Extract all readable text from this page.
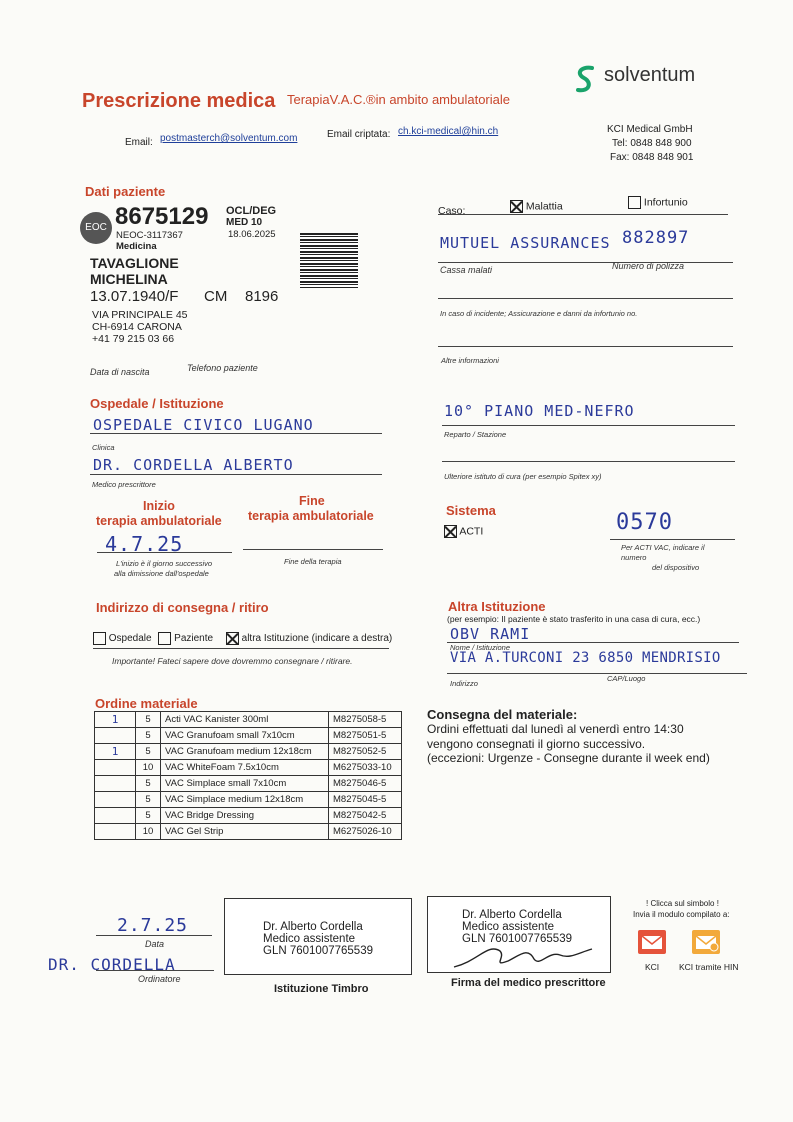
Prescrizione medica TerapiaV.A.C.®in ambito ambulatoriale
solventum
Email: postmasterch@solventum.com	Email criptata: ch.kci-medical@hin.ch	KCI Medical GmbH
Tel: 0848 848 900
Fax: 0848 848 901
Dati paziente
EOC 8675129 OCL/DEG
MED 10
NEOC-3117367	18.06.2025
Medicina
TAVAGLIONE
MICHELINA
13.07.1940/F CM 8196
VIA PRINCIPALE 45
CH-6914 CARONA
+41 79 215 03 66
Data di nascita	Telefono paziente
Caso:	Malattia	Infortunio
MUTUEL ASSURANCES 882897
Cassa malati	Numero di polizza
In caso di incidente; Assicurazione e danni da infortunio no.
Altre informazioni
Ospedale / Istituzione
OSPEDALE CIVICO LUGANO
Clinica
DR. CORDELLA ALBERTO
Medico prescrittore
10° PIANO MED-NEFRO
Reparto / Stazione
Ulteriore istituto di cura (per esempio Spitex xy)
Inizio
terapia ambulatoriale
Fine
terapia ambulatoriale
4.7.25
L'inizio è il giorno successivo
alla dimissione dall'ospedale
Fine della terapia
Sistema
ACTI	0570
Per ACTI VAC, indicare il
numero
del dispositivo
Indirizzo di consegna / ritiro
Ospedale Paziente	altra Istituzione (indicare a destra)
Importante! Fateci sapere dove dovremmo consegnare / ritirare.
Altra Istituzione
(per esempio: Il paziente è stato trasferito in una casa di cura, ecc.)
OBV RAMI
Nome / Istituzione
VIA A.TURCONI 23 6850 MENDRISIO
Indirizzo
CAP/Luogo
Ordine materiale
1	5	Acti VAC Kanister 300ml	M8275058-5
	5	VAC Granufoam small 7x10cm	M8275051-5
1	5	VAC Granufoam medium 12x18cm	M8275052-5
	10	VAC WhiteFoam 7.5x10cm	M6275033-10
	5	VAC Simplace small 7x10cm	M8275046-5
	5	VAC Simplace medium 12x18cm	M8275045-5
	5	VAC Bridge Dressing	M8275042-5
	10	VAC Gel Strip	M6275026-10
Consegna del materiale:
Ordini effettuati dal lunedì al venerdì entro 14:30
vengono consegnati il giorno successivo.
(eccezioni: Urgenze - Consegne durante il week end)
2.7.25
Data
DR. CORDELLA
Ordinatore
Dr. Alberto Cordella
Medico assistente
GLN 7601007765539
Istituzione Timbro
Dr. Alberto Cordella
Medico assistente
GLN 7601007765539
Firma del medico prescrittore
! Clicca sul simbolo !
Invia il modulo compilato a:
KCI KCI tramite HIN
